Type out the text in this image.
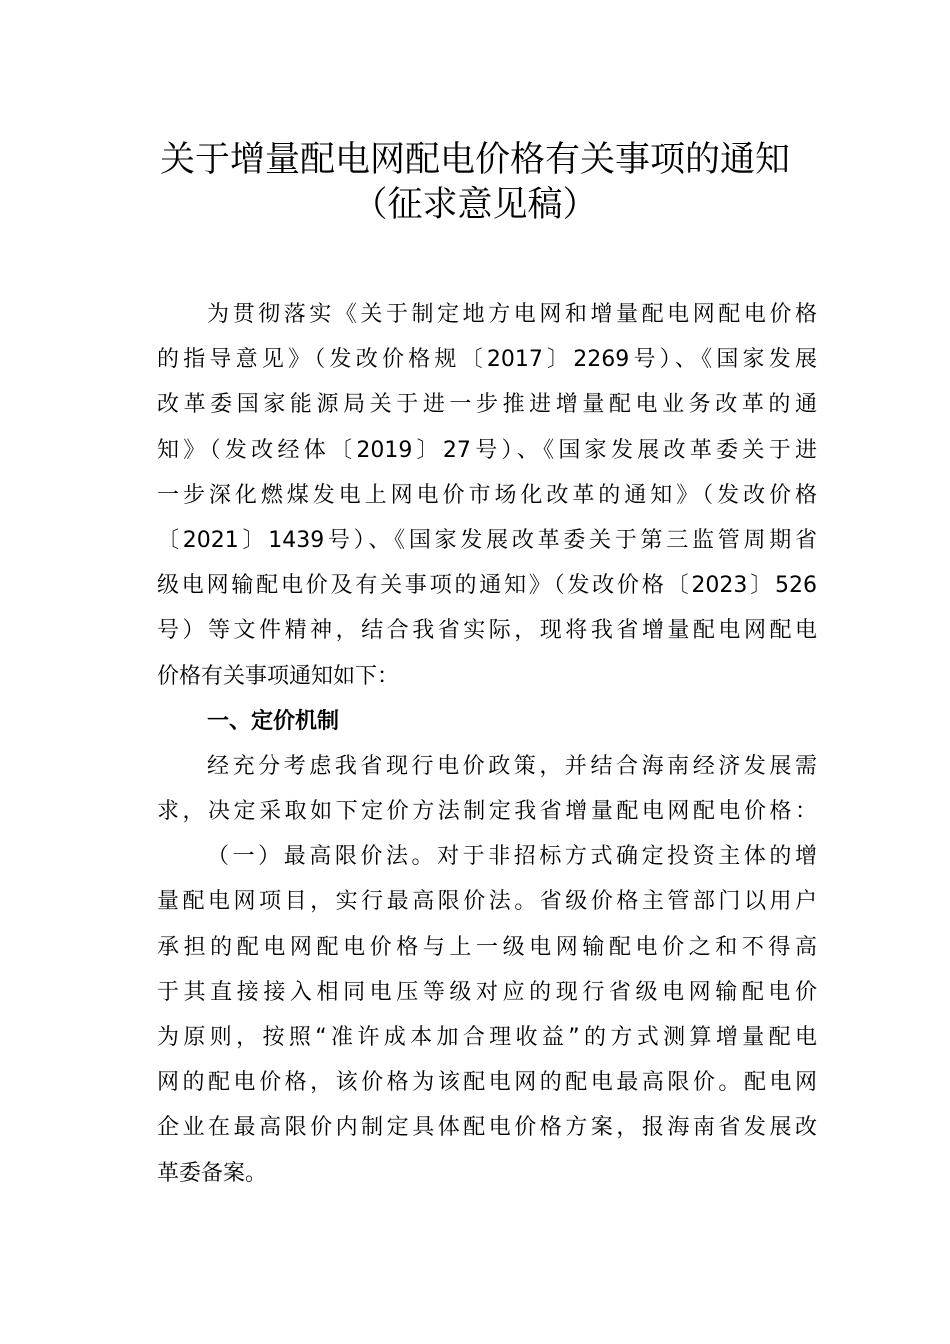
关于增量配电网配电价格有关事项的通知
（征求意见稿）
为贯彻落实《关于制定地方电网和增量配电网配电价格
的指导意见》（发改价格规〔2017〕2269号）、《国家发展
改革委国家能源局关于进一步推进增量配电业务改革的通
知》（发改经体〔2019〕27号）、《国家发展改革委关于进
一步深化燃煤发电上网电价市场化改革的通知》（发改价格
〔2021〕1439号）、《国家发展改革委关于第三监管周期省
级电网输配电价及有关事项的通知》（发改价格〔2023〕526
号）等文件精神，结合我省实际，现将我省增量配电网配电
价格有关事项通知如下：
一、定价机制
经充分考虑我省现行电价政策，并结合海南经济发展需
求，决定采取如下定价方法制定我省增量配电网配电价格：
（一）最高限价法。对于非招标方式确定投资主体的增
量配电网项目，实行最高限价法。省级价格主管部门以用户
承担的配电网配电价格与上一级电网输配电价之和不得高
于其直接接入相同电压等级对应的现行省级电网输配电价
为原则，按照“准许成本加合理收益”的方式测算增量配电
网的配电价格，该价格为该配电网的配电最高限价。配电网
企业在最高限价内制定具体配电价格方案，报海南省发展改
革委备案。
